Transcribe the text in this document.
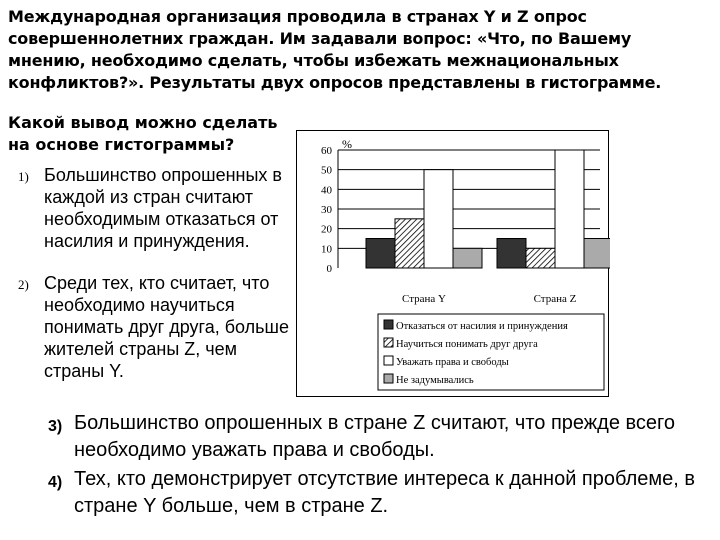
Международная организация проводила в странах Y и Z опрос совершеннолетних граждан. Им задавали вопрос: «Что, по Вашему мнению, необходимо сделать, чтобы избежать межнациональных конфликтов?». Результаты двух опросов представлены в гистограмме.
Какой вывод можно сделать на основе гистограммы?
1) Большинство опрошенных в каждой из стран считают необходимым отказаться от насилия и принуждения.
2) Среди тех, кто считает, что необходимо научиться понимать друг друга, больше жителей страны Z, чем страны Y.
3) Большинство опрошенных в стране Z считают, что прежде всего необходимо уважать права и свободы.
4) Тех, кто демонстрирует отсутствие интереса к данной проблеме, в стране Y больше, чем в стране Z.
%
0
10
20
30
40
50
60
Страна Y	Страна Z
Отказаться от насилия и принуждения
Научиться понимать друг друга
Уважать права и свободы
Не задумывались
